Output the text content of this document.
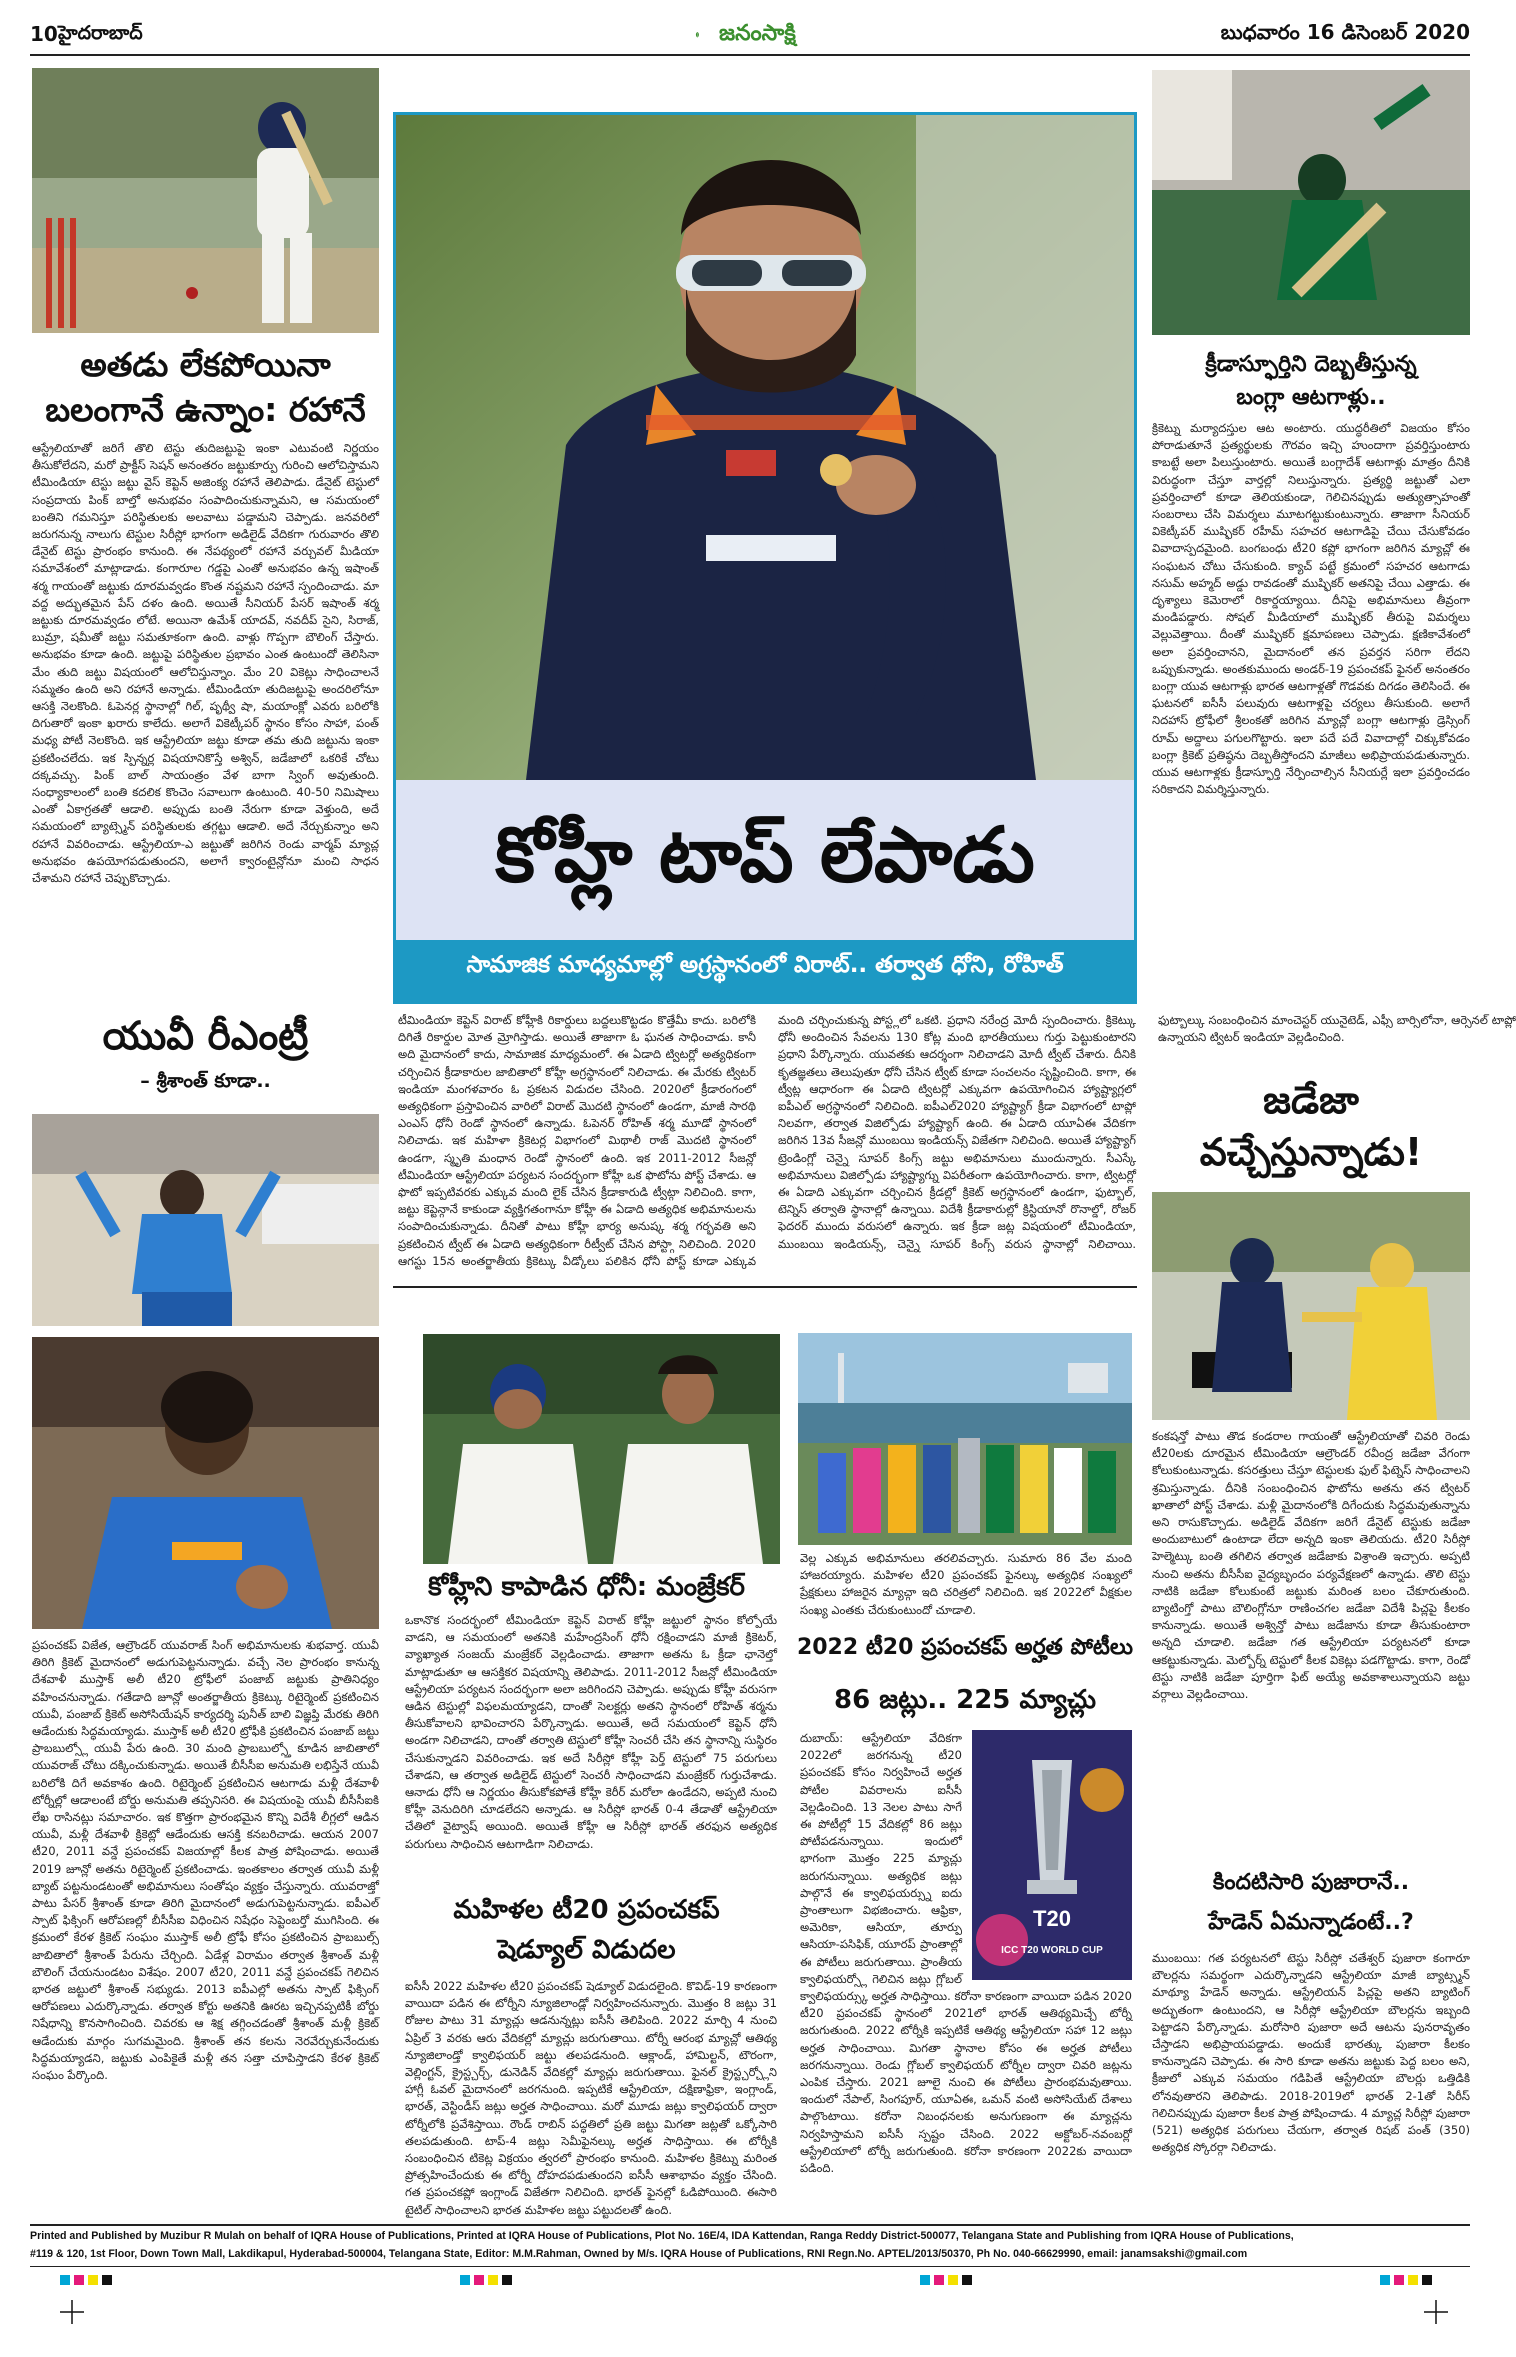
10 హైదరాబాద్	జనంసాక్షి	బుధవారం 16 డిసెంబర్ 2020
అతడు లేకపోయినా
బలంగానే ఉన్నాం: రహానే
ఆస్ట్రేలియాతో జరిగే తొలి టెస్టు తుదిజట్టుపై ఇంకా ఎటువంటి నిర్ణయం తీసుకోలేదని, మరో ప్రాక్టీస్ సెషన్ అనంతరం జట్టుకూర్పు గురించి ఆలోచిస్తామని టీమిండియా టెస్టు జట్టు వైస్ కెప్టెన్ అజింక్య రహానే తెలిపాడు. డేనైట్ టెస్టులో సంప్రదాయ పింక్ బాల్తో అనుభవం సంపాదించుకున్నామని, ఆ సమయంలో బంతిని గమనిస్తూ పరిస్థితులకు అలవాటు పడ్డామని చెప్పాడు. జనవరిలో జరుగనున్న నాలుగు టెస్టుల సిరీస్లో భాగంగా అడిలైడ్ వేదికగా గురువారం తొలి డేనైట్ టెస్టు ప్రారంభం కానుంది. ఈ నేపథ్యంలో రహానే వర్చువల్ మీడియా సమావేశంలో మాట్లాడాడు. కంగారూల గడ్డపై ఎంతో అనుభవం ఉన్న ఇషాంత్ శర్మ గాయంతో జట్టుకు దూరమవ్వడం కొంత నష్టమని రహానే స్పందించాడు. మా వద్ద అద్భుతమైన పేస్ దళం ఉంది. అయితే సీనియర్ పేసర్ ఇషాంత్ శర్మ జట్టుకు దూరమవ్వడం లోటే. అయినా ఉమేశ్ యాదవ్, నవదీప్ సైని, సిరాజ్, బుమ్రా, షమీతో జట్టు సమతూకంగా ఉంది. వాళ్లు గొప్పగా బౌలింగ్ చేస్తారు. అనుభవం కూడా ఉంది. జట్టుపై పరిస్థితుల ప్రభావం ఎంత ఉంటుందో తెలిసినా మేం తుది జట్టు విషయంలో ఆలోచిస్తున్నాం. మేం 20 వికెట్లు సాధించాలనే సమ్మతం ఉంది అని రహానే అన్నాడు. టీమిండియా తుదిజట్టుపై అందరిలోనూ ఆసక్తి నెలకొంది. ఓపెనర్ల స్థానాల్లో గిల్, పృథ్వీ షా, మయాంక్లో ఎవరు బరిలోకి దిగుతారో ఇంకా ఖరారు కాలేదు. అలాగే వికెట్కీపర్ స్థానం కోసం సాహా, పంత్ మధ్య పోటీ నెలకొంది. ఇక ఆస్ట్రేలియా జట్టు కూడా తమ తుది జట్టును ఇంకా ప్రకటించలేదు. ఇక స్పిన్నర్ల విషయానికొస్తే అశ్విన్, జడేజాలో ఒకరికే చోటు దక్కవచ్చు. పింక్ బాల్ సాయంత్రం వేళ బాగా స్వింగ్ అవుతుంది. సంధ్యాకాలంలో బంతి కదలిక కొంచెం సవాలుగా ఉంటుంది. 40-50 నిమిషాలు ఎంతో ఏకాగ్రతతో ఆడాలి. అప్పుడు బంతి నేరుగా కూడా వెళ్తుంది, అదే సమయంలో బ్యాట్స్మెన్ పరిస్థితులకు తగ్గట్టు ఆడాలి. అదే నేర్చుకున్నాం అని రహానే వివరించాడు. ఆస్ట్రేలియా-ఎ జట్టుతో జరిగిన రెండు వార్మప్ మ్యాచ్ల అనుభవం ఉపయోగపడుతుందని, అలాగే క్వారంటైన్లోనూ మంచి సాధన చేశామని రహానే చెప్పుకొచ్చాడు.
యువీ రీఎంట్రీ
– శ్రీశాంత్ కూడా..
ప్రపంచకప్ విజేత, ఆల్రౌండర్ యువరాజ్ సింగ్ అభిమానులకు శుభవార్త. యువీ తిరిగి క్రికెట్ మైదానంలో అడుగుపెట్టనున్నాడు. వచ్చే నెల ప్రారంభం కానున్న దేశవాళీ ముస్తాక్ అలీ టీ20 ట్రోఫీలో పంజాబ్ జట్టుకు ప్రాతినిధ్యం వహించనున్నాడు. గతేడాది జూన్లో అంతర్జాతీయ క్రికెట్కు రిటైర్మెంట్ ప్రకటించిన యువీ, పంజాబ్ క్రికెట్ అసోసియేషన్ కార్యదర్శి పునీత్ బాలి విజ్ఞప్తి మేరకు తిరిగి ఆడేందుకు సిద్ధమయ్యాడు. ముస్తాక్ అలీ టీ20 ట్రోఫీకి ప్రకటించిన పంజాబ్ జట్టు ప్రాబబుల్స్లో యువీ పేరు ఉంది. 30 మంది ప్రాబబుల్స్తో కూడిన జాబితాలో యువరాజ్ చోటు దక్కించుకున్నాడు. అయితే బీసీసీఐ అనుమతి లభిస్తేనే యువీ బరిలోకి దిగే అవకాశం ఉంది. రిటైర్మెంట్ ప్రకటించిన ఆటగాడు మళ్లీ దేశవాళీ టోర్నీల్లో ఆడాలంటే బోర్డు అనుమతి తప్పనిసరి. ఈ విషయంపై యువీ బీసీసీఐకి లేఖ రాసినట్లు సమాచారం. ఇక కొత్తగా ప్రారంభమైన కొన్ని విదేశీ లీగ్లలో ఆడిన యువీ, మళ్లీ దేశవాళీ క్రికెట్లో ఆడేందుకు ఆసక్తి కనబరిచాడు. ఆయన 2007 టీ20, 2011 వన్డే ప్రపంచకప్ విజయాల్లో కీలక పాత్ర పోషించాడు. అయితే 2019 జూన్లో అతను రిటైర్మెంట్ ప్రకటించాడు. ఇంతకాలం తర్వాత యువీ మళ్లీ బ్యాట్ పట్టనుండటంతో అభిమానులు సంతోషం వ్యక్తం చేస్తున్నారు. యువరాజ్తో పాటు పేసర్ శ్రీశాంత్ కూడా తిరిగి మైదానంలో అడుగుపెట్టనున్నాడు. ఐపీఎల్ స్పాట్ ఫిక్సింగ్ ఆరోపణల్లో బీసీసీఐ విధించిన నిషేధం సెప్టెంబర్తో ముగిసింది. ఈ క్రమంలో కేరళ క్రికెట్ సంఘం ముస్తాక్ అలీ ట్రోఫీ కోసం ప్రకటించిన ప్రాబబుల్స్ జాబితాలో శ్రీశాంత్ పేరును చేర్చింది. ఏడేళ్ల విరామం తర్వాత శ్రీశాంత్ మళ్లీ బౌలింగ్ చేయనుండటం విశేషం. 2007 టీ20, 2011 వన్డే ప్రపంచకప్ గెలిచిన భారత జట్టులో శ్రీశాంత్ సభ్యుడు. 2013 ఐపీఎల్లో అతను స్పాట్ ఫిక్సింగ్ ఆరోపణలు ఎదుర్కొన్నాడు. తర్వాత కోర్టు అతనికి ఊరట ఇచ్చినప్పటికీ బోర్డు నిషేధాన్ని కొనసాగించింది. చివరకు ఆ శిక్ష తగ్గించడంతో శ్రీశాంత్ మళ్లీ క్రికెట్ ఆడేందుకు మార్గం సుగమమైంది. శ్రీశాంత్ తన కలను నెరవేర్చుకునేందుకు సిద్ధమయ్యాడని, జట్టుకు ఎంపికైతే మళ్లీ తన సత్తా చూపిస్తాడని కేరళ క్రికెట్ సంఘం పేర్కొంది.
కోహ్లీ టాప్ లేపాడు
సామాజిక మాధ్యమాల్లో అగ్రస్థానంలో విరాట్.. తర్వాత ధోని, రోహిత్
టీమిండియా కెప్టెన్ విరాట్ కోహ్లీకి రికార్డులు బద్దలుకొట్టడం కొత్తేమీ కాదు. బరిలోకి దిగితే రికార్డుల మోత మ్రోగిస్తాడు. అయితే తాజాగా ఓ ఘనత సాధించాడు. కానీ అది మైదానంలో కాదు, సామాజిక మాధ్యమంలో. ఈ ఏడాది ట్విటర్లో అత్యధికంగా చర్చించిన క్రీడాకారుల జాబితాలో కోహ్లీ అగ్రస్థానంలో నిలిచాడు. ఈ మేరకు ట్విటర్ ఇండియా మంగళవారం ఓ ప్రకటన విడుదల చేసింది. 2020లో క్రీడారంగంలో అత్యధికంగా ప్రస్తావించిన వారిలో విరాట్ మొదటి స్థానంలో ఉండగా, మాజీ సారథి ఎంఎస్ ధోనీ రెండో స్థానంలో ఉన్నాడు. ఓపెనర్ రోహిత్ శర్మ మూడో స్థానంలో నిలిచాడు. ఇక మహిళా క్రికెటర్ల విభాగంలో మిథాలీ రాజ్ మొదటి స్థానంలో ఉండగా, స్మృతి మంధాన రెండో స్థానంలో ఉంది. ఇక 2011-2012 సీజన్లో టీమిండియా ఆస్ట్రేలియా పర్యటన సందర్భంగా కోహ్లీ ఒక ఫొటోను పోస్ట్ చేశాడు. ఆ ఫొటో ఇప్పటివరకు ఎక్కువ మంది లైక్ చేసిన క్రీడాకారుడి ట్వీట్గా నిలిచింది. కాగా, జట్టు కెప్టెన్గానే కాకుండా వ్యక్తిగతంగానూ కోహ్లీ ఈ ఏడాది అత్యధిక అభిమానులను సంపాదించుకున్నాడు. దీనితో పాటు కోహ్లీ భార్య అనుష్క శర్మ గర్భవతి అని ప్రకటించిన ట్వీట్ ఈ ఏడాది అత్యధికంగా రీట్వీట్ చేసిన పోస్ట్గా నిలిచింది. 2020 ఆగస్టు 15న అంతర్జాతీయ క్రికెట్కు వీడ్కోలు పలికిన ధోనీ పోస్ట్ కూడా ఎక్కువ మంది చర్చించుకున్న పోస్ట్లలో ఒకటి. ప్రధాని నరేంద్ర మోదీ స్పందించారు. క్రికెట్కు ధోనీ అందించిన సేవలను 130 కోట్ల మంది భారతీయులు గుర్తు పెట్టుకుంటారని ప్రధాని పేర్కొన్నారు. యువతకు ఆదర్శంగా నిలిచాడని మోదీ ట్వీట్ చేశారు. దీనికి కృతజ్ఞతలు తెలుపుతూ ధోనీ చేసిన ట్వీట్ కూడా సంచలనం సృష్టించింది. కాగా, ఈ ట్వీట్ల ఆధారంగా ఈ ఏడాది ట్విటర్లో ఎక్కువగా ఉపయోగించిన హ్యాష్ట్యాగ్లలో ఐపీఎల్ అగ్రస్థానంలో నిలిచింది. ఐపీఎల్2020 హ్యాష్ట్యాగ్ క్రీడా విభాగంలో టాప్లో నిలవగా, తర్వాత విజిల్పోడు హ్యాష్ట్యాగ్ ఉంది. ఈ ఏడాది యూఏఈ వేదికగా జరిగిన 13వ సీజన్లో ముంబయి ఇండియన్స్ విజేతగా నిలిచింది. అయితే హ్యాష్ట్యాగ్ ట్రెండింగ్లో చెన్నై సూపర్ కింగ్స్ జట్టు అభిమానులు ముందున్నారు. సీఎస్కే అభిమానులు విజిల్పోడు హ్యాష్ట్యాగ్ను విపరీతంగా ఉపయోగించారు. కాగా, ట్విటర్లో ఈ ఏడాది ఎక్కువగా చర్చించిన క్రీడల్లో క్రికెట్ అగ్రస్థానంలో ఉండగా, ఫుట్బాల్, టెన్నిస్ తర్వాతి స్థానాల్లో ఉన్నాయి. విదేశీ క్రీడాకారుల్లో క్రిస్టియానో రొనాల్డో, రోజర్ ఫెదరర్ ముందు వరుసలో ఉన్నారు. ఇక క్రీడా జట్ల విషయంలో టీమిండియా, ముంబయి ఇండియన్స్, చెన్నై సూపర్ కింగ్స్ వరుస స్థానాల్లో నిలిచాయి. ఫుట్బాల్కు సంబంధించిన మాంచెస్టర్ యునైటెడ్, ఎఫ్సీ బార్సిలోనా, ఆర్సెనల్ టాప్లో ఉన్నాయని ట్విటర్ ఇండియా వెల్లడించింది.
క్రీడాస్ఫూర్తిని దెబ్బతీస్తున్న
బంగ్లా ఆటగాళ్లు..
క్రికెట్ను మర్యాదస్తుల ఆట అంటారు. యుద్ధరీతిలో విజయం కోసం పోరాడుతూనే ప్రత్యర్థులకు గౌరవం ఇచ్చి హుందాగా ప్రవర్తిస్తుంటారు కాబట్టే అలా పిలుస్తుంటారు. అయితే బంగ్లాదేశ్ ఆటగాళ్లు మాత్రం దీనికి విరుద్ధంగా చేస్తూ వార్తల్లో నిలుస్తున్నారు. ప్రత్యర్థి జట్టుతో ఎలా ప్రవర్తించాలో కూడా తెలియకుండా, గెలిచినప్పుడు అత్యుత్సాహంతో సంబరాలు చేసి విమర్శలు మూటగట్టుకుంటున్నారు. తాజాగా సీనియర్ వికెట్కీపర్ ముష్ఫికర్ రహీమ్ సహచర ఆటగాడిపై చేయి చేసుకోవడం వివాదాస్పదమైంది. బంగబంధు టీ20 కప్లో భాగంగా జరిగిన మ్యాచ్లో ఈ సంఘటన చోటు చేసుకుంది. క్యాచ్ పట్టే క్రమంలో సహచర ఆటగాడు నసుమ్ అహ్మద్ అడ్డు రావడంతో ముష్ఫికర్ అతనిపై చేయి ఎత్తాడు. ఈ దృశ్యాలు కెమెరాలో రికార్డయ్యాయి. దీనిపై అభిమానులు తీవ్రంగా మండిపడ్డారు. సోషల్ మీడియాలో ముష్ఫికర్ తీరుపై విమర్శలు వెల్లువెత్తాయి. దీంతో ముష్ఫికర్ క్షమాపణలు చెప్పాడు. క్షణికావేశంలో అలా ప్రవర్తించానని, మైదానంలో తన ప్రవర్తన సరిగా లేదని ఒప్పుకున్నాడు. అంతకుముందు అండర్-19 ప్రపంచకప్ ఫైనల్ అనంతరం బంగ్లా యువ ఆటగాళ్లు భారత ఆటగాళ్లతో గొడవకు దిగడం తెలిసిందే. ఈ ఘటనలో ఐసీసీ పలువురు ఆటగాళ్లపై చర్యలు తీసుకుంది. అలాగే నిదహాస్ ట్రోఫీలో శ్రీలంకతో జరిగిన మ్యాచ్లో బంగ్లా ఆటగాళ్లు డ్రెస్సింగ్ రూమ్ అద్దాలు పగులగొట్టారు. ఇలా పదే పదే వివాదాల్లో చిక్కుకోవడం బంగ్లా క్రికెట్ ప్రతిష్ఠను దెబ్బతీస్తోందని మాజీలు అభిప్రాయపడుతున్నారు. యువ ఆటగాళ్లకు క్రీడాస్ఫూర్తి నేర్పించాల్సిన సీనియర్లే ఇలా ప్రవర్తించడం సరికాదని విమర్శిస్తున్నారు.
జడేజా
వచ్చేస్తున్నాడు!
కంకషన్తో పాటు తొడ కండరాల గాయంతో ఆస్ట్రేలియాతో చివరి రెండు టీ20లకు దూరమైన టీమిండియా ఆల్రౌండర్ రవీంద్ర జడేజా వేగంగా కోలుకుంటున్నాడు. కసరత్తులు చేస్తూ టెస్టులకు ఫుల్ ఫిట్నెస్ సాధించాలని శ్రమిస్తున్నాడు. దీనికి సంబంధించిన ఫొటోను అతను తన ట్విటర్ ఖాతాలో పోస్ట్ చేశాడు. మళ్లీ మైదానంలోకి దిగేందుకు సిద్ధమవుతున్నాను అని రాసుకొచ్చాడు. అడిలైడ్ వేదికగా జరిగే డేనైట్ టెస్టుకు జడేజా అందుబాటులో ఉంటాడా లేదా అన్నది ఇంకా తెలియదు. టీ20 సిరీస్లో హెల్మెట్కు బంతి తగిలిన తర్వాత జడేజాకు విశ్రాంతి ఇచ్చారు. అప్పటి నుంచి అతను బీసీసీఐ వైద్యబృందం పర్యవేక్షణలో ఉన్నాడు. తొలి టెస్టు నాటికి జడేజా కోలుకుంటే జట్టుకు మరింత బలం చేకూరుతుంది. బ్యాటింగ్తో పాటు బౌలింగ్లోనూ రాణించగల జడేజా విదేశీ పిచ్లపై కీలకం కానున్నాడు. అయితే అశ్విన్తో పాటు జడేజాను కూడా తీసుకుంటారా అన్నది చూడాలి. జడేజా గత ఆస్ట్రేలియా పర్యటనలో కూడా ఆకట్టుకున్నాడు. మెల్బోర్న్ టెస్టులో కీలక వికెట్లు పడగొట్టాడు. కాగా, రెండో టెస్టు నాటికి జడేజా పూర్తిగా ఫిట్ అయ్యే అవకాశాలున్నాయని జట్టు వర్గాలు వెల్లడించాయి.
కిందటిసారి పుజారానే..
హేడెన్ ఏమన్నాడంటే..?
ముంబయి: గత పర్యటనలో టెస్టు సిరీస్లో చతేశ్వర్ పుజారా కంగారూ బౌలర్లను సమర్థంగా ఎదుర్కొన్నాడని ఆస్ట్రేలియా మాజీ బ్యాట్స్మన్ మాథ్యూ హేడెన్ అన్నాడు. ఆస్ట్రేలియన్ పిచ్లపై అతని బ్యాటింగ్ అద్భుతంగా ఉంటుందని, ఆ సిరీస్లో ఆస్ట్రేలియా బౌలర్లను ఇబ్బంది పెట్టాడని పేర్కొన్నాడు. మరోసారి పుజారా అదే ఆటను పునరావృతం చేస్తాడని అభిప్రాయపడ్డాడు. అందుకే భారత్కు పుజారా కీలకం కానున్నాడని చెప్పాడు. ఈ సారి కూడా అతను జట్టుకు పెద్ద బలం అని, క్రీజులో ఎక్కువ సమయం గడిపితే ఆస్ట్రేలియా బౌలర్లు ఒత్తిడికి లోనవుతారని తెలిపాడు. 2018-2019లో భారత్ 2-1తో సిరీస్ గెలిచినప్పుడు పుజారా కీలక పాత్ర పోషించాడు. 4 మ్యాచ్ల సిరీస్లో పుజారా (521) అత్యధిక పరుగులు చేయగా, తర్వాత రిషబ్ పంత్ (350) అత్యధిక స్కోరర్గా నిలిచాడు.
కోహ్లీని కాపాడిన ధోనీ: మంజ్రేకర్
ఒకానొక సందర్భంలో టీమిండియా కెప్టెన్ విరాట్ కోహ్లీ జట్టులో స్థానం కోల్పోయే వాడని, ఆ సమయంలో అతనికి మహేంద్రసింగ్ ధోనీ రక్షించాడని మాజీ క్రికెటర్, వ్యాఖ్యాత సంజయ్ మంజ్రేకర్ వెల్లడించాడు. తాజాగా అతను ఓ క్రీడా ఛానెల్తో మాట్లాడుతూ ఆ ఆసక్తికర విషయాన్ని తెలిపాడు. 2011-2012 సీజన్లో టీమిండియా ఆస్ట్రేలియా పర్యటన సందర్భంగా అలా జరిగిందని చెప్పాడు. అప్పుడు కోహ్లీ వరుసగా ఆడిన టెస్టుల్లో విఫలమయ్యాడని, దాంతో సెలక్టర్లు అతని స్థానంలో రోహిత్ శర్మను తీసుకోవాలని భావించారని పేర్కొన్నాడు. అయితే, అదే సమయంలో కెప్టెన్ ధోనీ అండగా నిలిచాడని, దాంతో తర్వాతి టెస్టులో కోహ్లీ సెంచరీ చేసి తన స్థానాన్ని సుస్థిరం చేసుకున్నాడని వివరించాడు. ఇక అదే సిరీస్లో కోహ్లీ పెర్త్ టెస్టులో 75 పరుగులు చేశాడని, ఆ తర్వాత అడిలైడ్ టెస్టులో సెంచరీ సాధించాడని మంజ్రేకర్ గుర్తుచేశాడు. ఆనాడు ధోనీ ఆ నిర్ణయం తీసుకోకపోతే కోహ్లీ కెరీర్ మరోలా ఉండేదని, అప్పటి నుంచి కోహ్లీ వెనుదిరిగి చూడలేదని అన్నాడు. ఆ సిరీస్లో భారత్ 0-4 తేడాతో ఆస్ట్రేలియా చేతిలో వైట్వాష్ అయింది. అయితే కోహ్లీ ఆ సిరీస్లో భారత్ తరఫున అత్యధిక పరుగులు సాధించిన ఆటగాడిగా నిలిచాడు.
మహిళల టీ20 ప్రపంచకప్
షెడ్యూల్ విడుదల
ఐసీసీ 2022 మహిళల టీ20 ప్రపంచకప్ షెడ్యూల్ విడుదలైంది. కొవిడ్-19 కారణంగా వాయిదా పడిన ఈ టోర్నీని న్యూజిలాండ్లో నిర్వహించనున్నారు. మొత్తం 8 జట్లు 31 రోజుల పాటు 31 మ్యాచ్లు ఆడనున్నట్లు ఐసీసీ తెలిపింది. 2022 మార్చి 4 నుంచి ఏప్రిల్ 3 వరకు ఆరు వేదికల్లో మ్యాచ్లు జరుగుతాయి. టోర్నీ ఆరంభ మ్యాచ్లో ఆతిథ్య న్యూజిలాండ్తో క్వాలిఫయర్ జట్టు తలపడనుంది. ఆక్లాండ్, హామిల్టన్, టౌరంగా, వెల్లింగ్టన్, క్రైస్ట్చర్చ్, డునెడిన్ వేదికల్లో మ్యాచ్లు జరుగుతాయి. ఫైనల్ క్రైస్ట్చర్చ్లోని హాగ్లీ ఓవల్ మైదానంలో జరగనుంది. ఇప్పటికే ఆస్ట్రేలియా, దక్షిణాఫ్రికా, ఇంగ్లాండ్, భారత్, వెస్టిండీస్ జట్లు అర్హత సాధించాయి. మరో మూడు జట్లు క్వాలిఫయర్ ద్వారా టోర్నీలోకి ప్రవేశిస్తాయి. రౌండ్ రాబిన్ పద్ధతిలో ప్రతి జట్టు మిగతా జట్లతో ఒక్కోసారి తలపడుతుంది. టాప్-4 జట్లు సెమీఫైనల్కు అర్హత సాధిస్తాయి. ఈ టోర్నీకి సంబంధించిన టికెట్ల విక్రయం త్వరలో ప్రారంభం కానుంది. మహిళల క్రికెట్ను మరింత ప్రోత్సహించేందుకు ఈ టోర్నీ దోహదపడుతుందని ఐసీసీ ఆశాభావం వ్యక్తం చేసింది. గత ప్రపంచకప్లో ఇంగ్లాండ్ విజేతగా నిలిచింది. భారత్ ఫైనల్లో ఓడిపోయింది. ఈసారి టైటిల్ సాధించాలని భారత మహిళల జట్టు పట్టుదలతో ఉంది.
వెల్ల ఎక్కువ అభిమానులు తరలివచ్చారు. సుమారు 86 వేల మంది హాజరయ్యారు. మహిళల టీ20 ప్రపంచకప్ ఫైనల్కు అత్యధిక సంఖ్యలో ప్రేక్షకులు హాజరైన మ్యాచ్గా ఇది చరిత్రలో నిలిచింది. ఇక 2022లో వీక్షకుల సంఖ్య ఎంతకు చేరుకుంటుందో చూడాలి.
2022 టీ20 ప్రపంచకప్ అర్హత పోటీలు
86 జట్లు.. 225 మ్యాచ్లు
T20
ICC T20 WORLD CUP
దుబాయ్: ఆస్ట్రేలియా వేదికగా 2022లో జరగనున్న టీ20 ప్రపంచకప్ కోసం నిర్వహించే అర్హత పోటీల వివరాలను ఐసీసీ వెల్లడించింది. 13 నెలల పాటు సాగే ఈ పోటీల్లో 15 వేదికల్లో 86 జట్లు పోటీపడనున్నాయి. ఇందులో భాగంగా మొత్తం 225 మ్యాచ్లు జరుగనున్నాయి. అత్యధిక జట్లు పాల్గొనే ఈ క్వాలిఫయర్స్ను ఐదు ప్రాంతాలుగా విభజించారు. ఆఫ్రికా, అమెరికా, ఆసియా, తూర్పు ఆసియా-పసిఫిక్, యూరప్ ప్రాంతాల్లో ఈ పోటీలు జరుగుతాయి. ప్రాంతీయ క్వాలిఫయర్స్లో గెలిచిన జట్లు గ్లోబల్ క్వాలిఫయర్స్కు అర్హత సాధిస్తాయి. కరోనా కారణంగా వాయిదా పడిన 2020 టీ20 ప్రపంచకప్ స్థానంలో 2021లో భారత్ ఆతిథ్యమిచ్చే టోర్నీ జరుగుతుంది. 2022 టోర్నీకి ఇప్పటికే ఆతిథ్య ఆస్ట్రేలియా సహా 12 జట్లు అర్హత సాధించాయి. మిగతా స్థానాల కోసం ఈ అర్హత పోటీలు జరగనున్నాయి. రెండు గ్లోబల్ క్వాలిఫయర్ టోర్నీల ద్వారా చివరి జట్లను ఎంపిక చేస్తారు. 2021 జూలై నుంచి ఈ పోటీలు ప్రారంభమవుతాయి. ఇందులో నేపాల్, సింగపూర్, యూఏఈ, ఒమన్ వంటి అసోసియేట్ దేశాలు పాల్గొంటాయి. కరోనా నిబంధనలకు అనుగుణంగా ఈ మ్యాచ్లను నిర్వహిస్తామని ఐసీసీ స్పష్టం చేసింది. 2022 అక్టోబర్-నవంబర్లో ఆస్ట్రేలియాలో టోర్నీ జరుగుతుంది. కరోనా కారణంగా 2022కు వాయిదా పడింది.
Printed and Published by Muzibur R Mulah on behalf of IQRA House of Publications, Printed at IQRA House of Publications, Plot No. 16E/4, IDA Kattendan, Ranga Reddy District-500077, Telangana State and Publishing from IQRA House of Publications,
#119 & 120, 1st Floor, Down Town Mall, Lakdikapul, Hyderabad-500004, Telangana State, Editor: M.M.Rahman, Owned by M/s. IQRA House of Publications, RNI Regn.No. APTEL/2013/50370, Ph No. 040-66629990, email: janamsakshi@gmail.com
